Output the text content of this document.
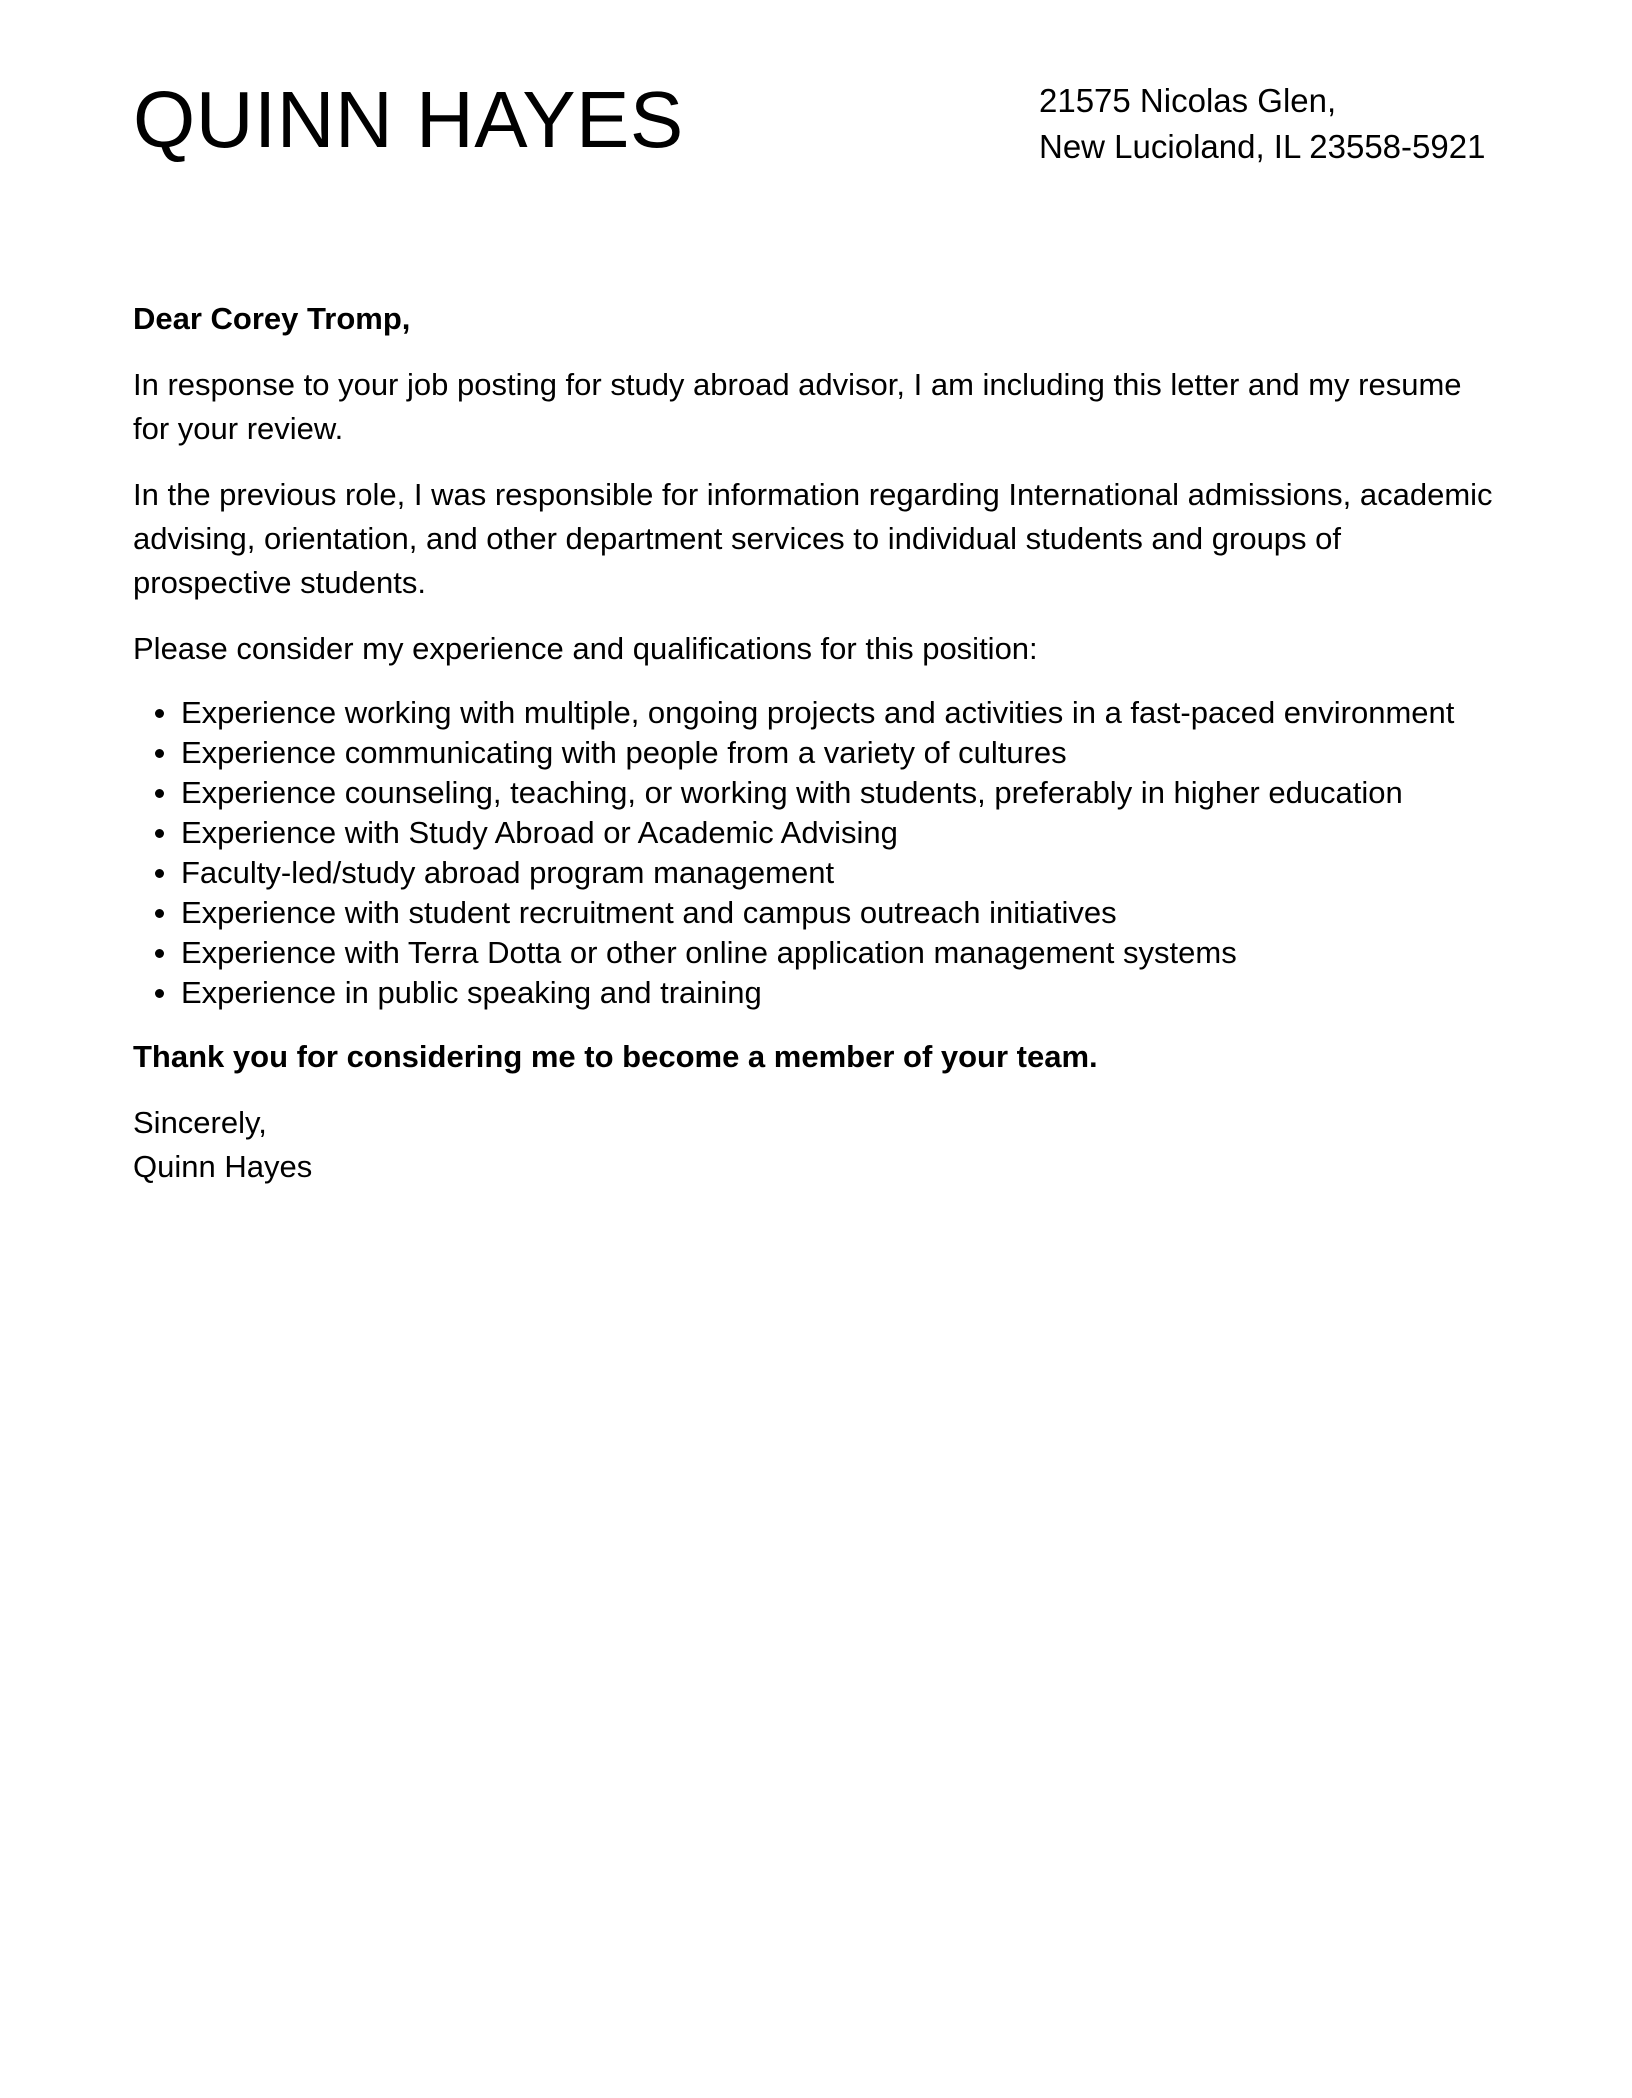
QUINN HAYES	21575 Nicolas Glen,
New Lucioland, IL 23558-5921

Dear Corey Tromp,

In response to your job posting for study abroad advisor, I am including this letter and my resume for your review.

In the previous role, I was responsible for information regarding International admissions, academic advising, orientation, and other department services to individual students and groups of prospective students.

Please consider my experience and qualifications for this position:

Experience working with multiple, ongoing projects and activities in a fast-paced environment
Experience communicating with people from a variety of cultures
Experience counseling, teaching, or working with students, preferably in higher education
Experience with Study Abroad or Academic Advising
Faculty-led/study abroad program management
Experience with student recruitment and campus outreach initiatives
Experience with Terra Dotta or other online application management systems
Experience in public speaking and training

Thank you for considering me to become a member of your team.

Sincerely,
Quinn Hayes
